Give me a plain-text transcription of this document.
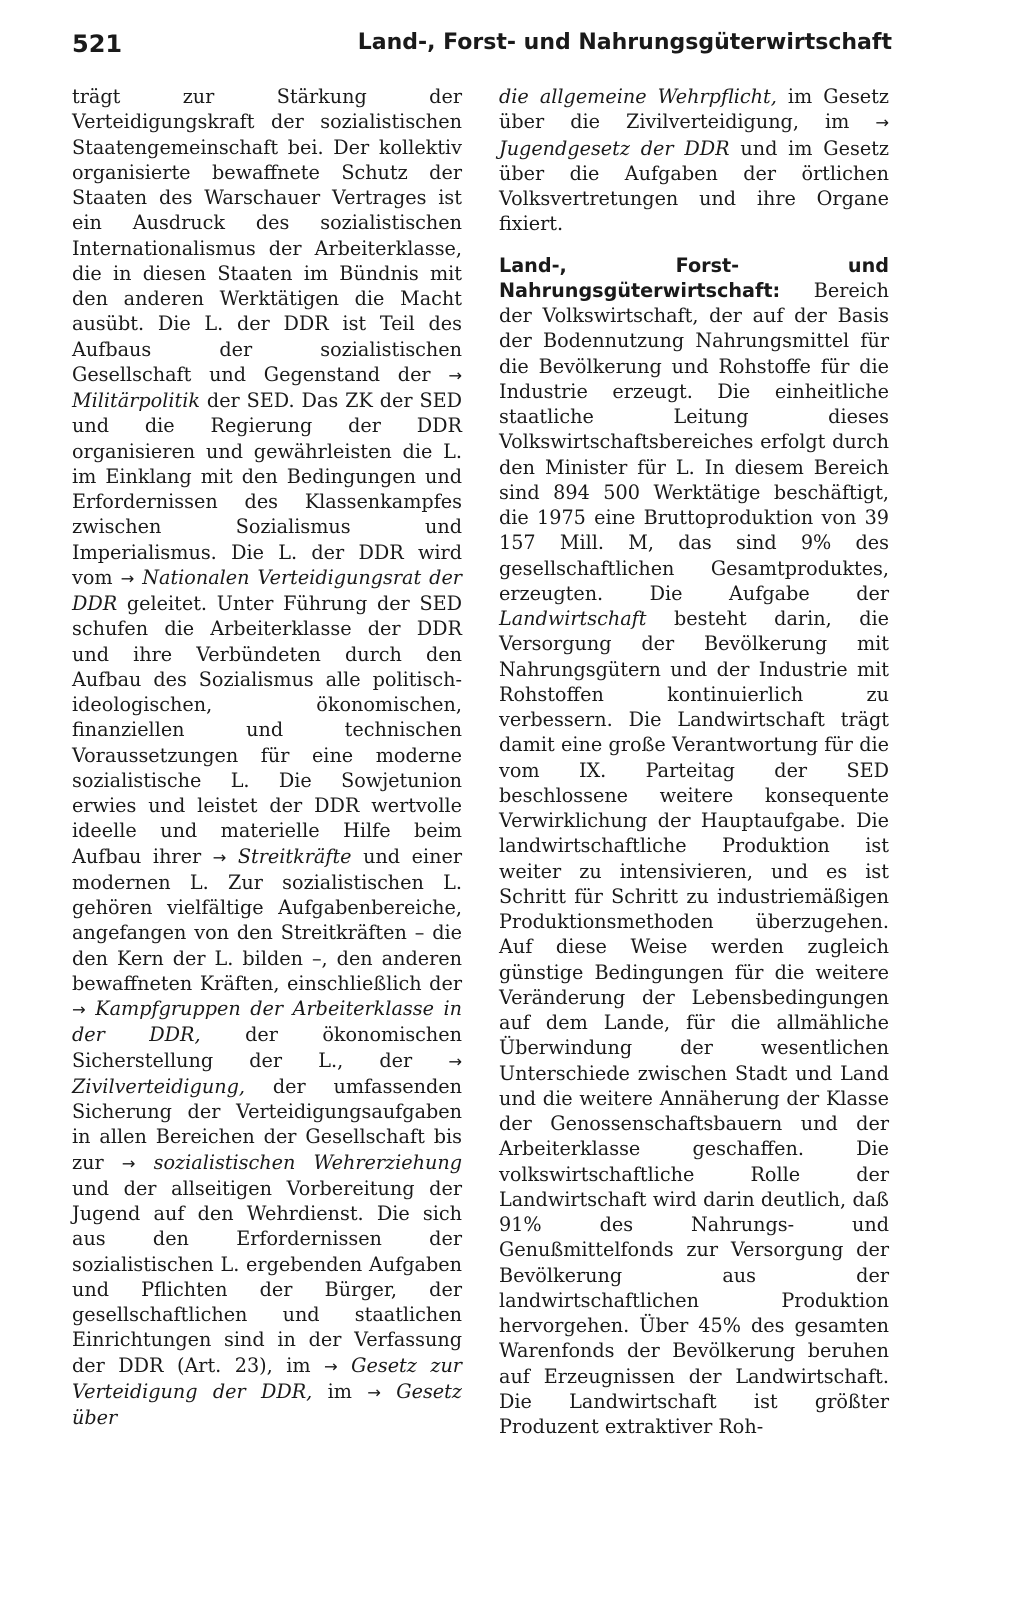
521	Land-, Forst- und Nahrungsgüterwirtschaft

trägt zur Stärkung der Verteidigungskraft der sozialistischen Staatengemeinschaft bei. Der kollektiv organisierte bewaffnete Schutz der Staaten des Warschauer Vertrages ist ein Ausdruck des sozialistischen Internationalismus der Arbeiterklasse, die in diesen Staaten im Bündnis mit den anderen Werktätigen die Macht ausübt. Die L. der DDR ist Teil des Aufbaus der sozialistischen Gesellschaft und Gegenstand der → Militärpolitik der SED. Das ZK der SED und die Regierung der DDR organisieren und gewährleisten die L. im Einklang mit den Bedingungen und Erfordernissen des Klassenkampfes zwischen Sozialismus und Imperialismus. Die L. der DDR wird vom → Nationalen Verteidigungsrat der DDR geleitet. Unter Führung der SED schufen die Arbeiterklasse der DDR und ihre Verbündeten durch den Aufbau des Sozialismus alle politisch-ideologischen, ökonomischen, finanziellen und technischen Voraussetzungen für eine moderne sozialistische L. Die Sowjetunion erwies und leistet der DDR wertvolle ideelle und materielle Hilfe beim Aufbau ihrer → Streitkräfte und einer modernen L. Zur sozialistischen L. gehören vielfältige Aufgabenbereiche, angefangen von den Streitkräften – die den Kern der L. bilden –, den anderen bewaffneten Kräften, einschließlich der → Kampfgruppen der Arbeiterklasse in der DDR, der ökonomischen Sicherstellung der L., der → Zivilverteidigung, der umfassenden Sicherung der Verteidigungsaufgaben in allen Bereichen der Gesellschaft bis zur → sozialistischen Wehrerziehung und der allseitigen Vorbereitung der Jugend auf den Wehrdienst. Die sich aus den Erfordernissen der sozialistischen L. ergebenden Aufgaben und Pflichten der Bürger, der gesellschaftlichen und staatlichen Einrichtungen sind in der Verfassung der DDR (Art. 23), im → Gesetz zur Verteidigung der DDR, im → Gesetz über

die allgemeine Wehrpflicht, im Gesetz über die Zivilverteidigung, im → Jugendgesetz der DDR und im Gesetz über die Aufgaben der örtlichen Volksvertretungen und ihre Organe fixiert.

Land-, Forst- und Nahrungsgüterwirtschaft: Bereich der Volkswirtschaft, der auf der Basis der Bodennutzung Nahrungsmittel für die Bevölkerung und Rohstoffe für die Industrie erzeugt. Die einheitliche staatliche Leitung dieses Volkswirtschaftsbereiches erfolgt durch den Minister für L. In diesem Bereich sind 894 500 Werktätige beschäftigt, die 1975 eine Bruttoproduktion von 39 157 Mill. M, das sind 9% des gesellschaftlichen Gesamtproduktes, erzeugten. Die Aufgabe der Landwirtschaft besteht darin, die Versorgung der Bevölkerung mit Nahrungsgütern und der Industrie mit Rohstoffen kontinuierlich zu verbessern. Die Landwirtschaft trägt damit eine große Verantwortung für die vom IX. Parteitag der SED beschlossene weitere konsequente Verwirklichung der Hauptaufgabe. Die landwirtschaftliche Produktion ist weiter zu intensivieren, und es ist Schritt für Schritt zu industriemäßigen Produktionsmethoden überzugehen. Auf diese Weise werden zugleich günstige Bedingungen für die weitere Veränderung der Lebensbedingungen auf dem Lande, für die allmähliche Überwindung der wesentlichen Unterschiede zwischen Stadt und Land und die weitere Annäherung der Klasse der Genossenschaftsbauern und der Arbeiterklasse geschaffen. Die volkswirtschaftliche Rolle der Landwirtschaft wird darin deutlich, daß 91% des Nahrungs- und Genußmittelfonds zur Versorgung der Bevölkerung aus der landwirtschaftlichen Produktion hervorgehen. Über 45% des gesamten Warenfonds der Bevölkerung beruhen auf Erzeugnissen der Landwirtschaft. Die Landwirtschaft ist größter Produzent extraktiver Roh-
